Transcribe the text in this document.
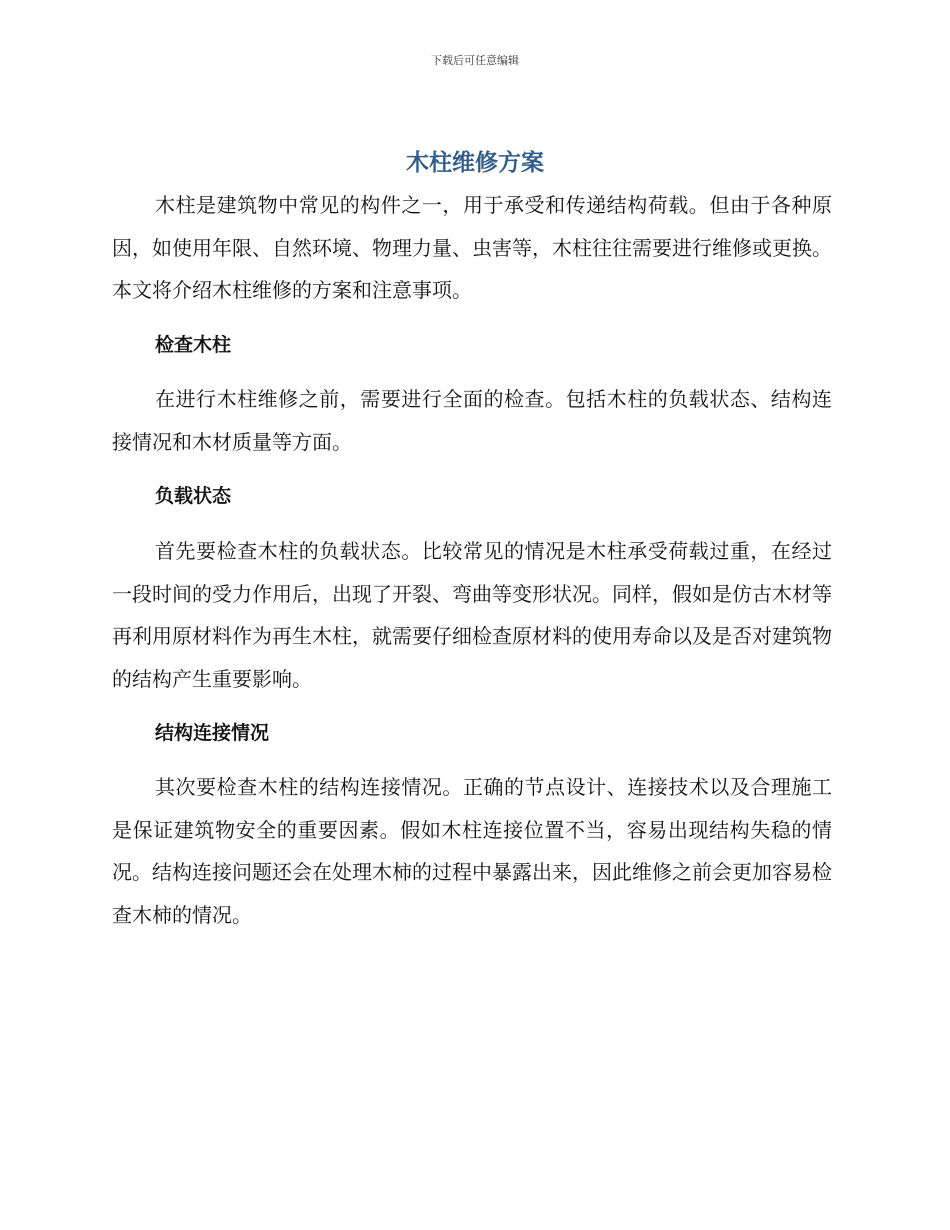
下载后可任意编辑
木柱维修方案

木柱是建筑物中常见的构件之一，用于承受和传递结构荷载。但由于各种原因，如使用年限、自然环境、物理力量、虫害等，木柱往往需要进行维修或更换。本文将介绍木柱维修的方案和注意事项。

检查木柱

在进行木柱维修之前，需要进行全面的检查。包括木柱的负载状态、结构连接情况和木材质量等方面。

负载状态

首先要检查木柱的负载状态。比较常见的情况是木柱承受荷载过重，在经过一段时间的受力作用后，出现了开裂、弯曲等变形状况。同样，假如是仿古木材等再利用原材料作为再生木柱，就需要仔细检查原材料的使用寿命以及是否对建筑物的结构产生重要影响。

结构连接情况

其次要检查木柱的结构连接情况。正确的节点设计、连接技术以及合理施工是保证建筑物安全的重要因素。假如木柱连接位置不当，容易出现结构失稳的情况。结构连接问题还会在处理木柿的过程中暴露出来，因此维修之前会更加容易检查木柿的情况。
